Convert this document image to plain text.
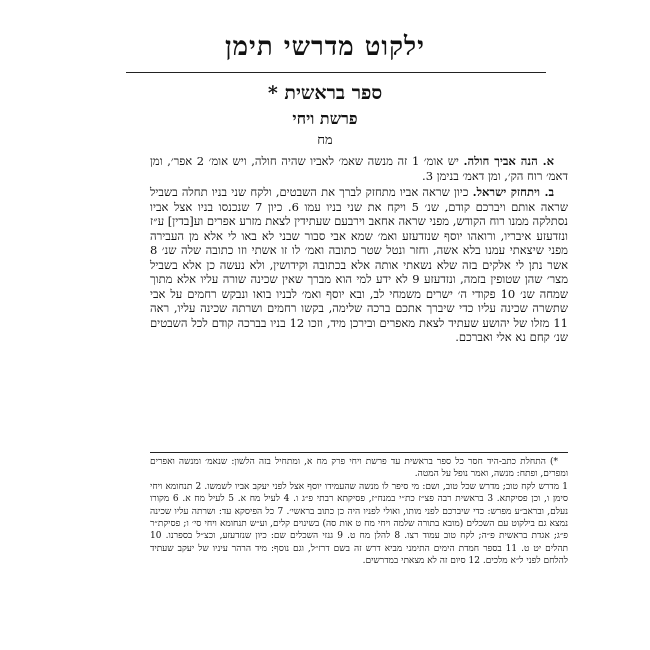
ילקוט מדרשי תימן
ספר בראשית *
פרשת ויחי
מח

א. הנה אביך חולה. יש אומ׳ 1 זה מנשה שאמ׳ לאביו שהיה חולה, ויש אומ׳ 2 אפר׳, ומן דאמ׳ רוח הק׳, ומן דאמ׳ בנימן 3.

ב. ויתחזק ישראל. כיון שראה אביו מתחזק לברך את השבטים, ולקח שני בניו תחלה בשביל שראה אותם ויברכם קודם, שנ׳ 5 ויקח את שני בניו עמו 6. כיון 7 שנכנסו בניו אצל אביו נסתלקה ממנו רוח הקודש, מפני שראה אחאב וירבעם שעתידין לצאת מזרע אפרים וע[בדין] ע״ז ונזדעזע איבריו, ורואהו יוסף שנזדעזע ואמ׳ שמא אבי סבור שבני לא באו לי אלא מן העבירה מפני שיצאתי עמנו בלא אשה, וחזר ונטל שטר כתובה ואמ׳ לו זו אשתי וזו כתובה שלה שנ׳ 8 אשר נתן לי אלקים בזה שלא נשאתי אותה אלא בכתובה וקידושין, ולא נעשה כן אלא בשביל מצר׳ שהן שטופין בזמה, ונזדעזע 9 לא ידע למי הוא מברך שאין שכינה שורה עליו אלא מתוך שמחה שנ׳ 10 פקודי ה׳ ישרים משמחי לב, ובא יוסף ואמ׳ לבניו בואו ונבקש רחמים על אבי שתשרה שכינה עליו כדי שיברך אתכם ברכה שלימה, בקשו רחמים ושרתה שכינה עליו, ראה 11 מזלו של יהושע שעתיד לצאת מאפרים ובירכן מיד, וזכו 12 בניו בברכה קודם לכל השבטים שנ׳ קחם נא אלי ואברכם.

*) התחלת כתב-היד חסר כל ספר בראשית עד פרשת ויחי פרק מח א, ומתחיל בזה הלשון: שנאמ׳ ומנשה ואפרים ומפרים, ופתח: מנשה, ואמר נופל על המטה.

1 מדרש לקח טוב; מדרש שכל טוב, ושם: מי סיפר לו מנשה שהעמידו יוסף אצל לפני יעקב אביו לשמשו. 2 תנחומא ויחי סימן ו, וכן פסיקתא. 3 בראשית רבה פצ״ז כת״י במנח״ז, פסיקתא רבתי פ״ג ו. 4 לעיל מח א. 5 לעיל מח א. 6 מקורו נעלם, ובראב״ע מפרש: כדי שיברכם לפני מותו, ואולי לפניו היה כן כתוב בראשי׳. 7 כל הפיסקא עד: ושרתה עליו שכינה נמצא גם בילקוט עם השכלים (מובא בתורה שלמה ויחי מח ט אות סה) בשינוים קלים, וע״ש תנחומא ויחי סי׳ ו; פסיקת״ר פ״ג; אגדת בראשית פ״ה; לקח טוב עמוד רצו. 8 להלן מח ט. 9 גנזי השכלים שם: כיון שנזדעזע, וכצ״ל בספרנו. 10 תהלים יט ט. 11 בספר חמדת הימים התימני מביא דרש זה בשם דרז״ל, וגם נוסף: מיד הרהר עיניו של יעקב שעתיד להלחם לפני ל״א מלכים. 12 סיום זה לא מצאתי במדרשים.
